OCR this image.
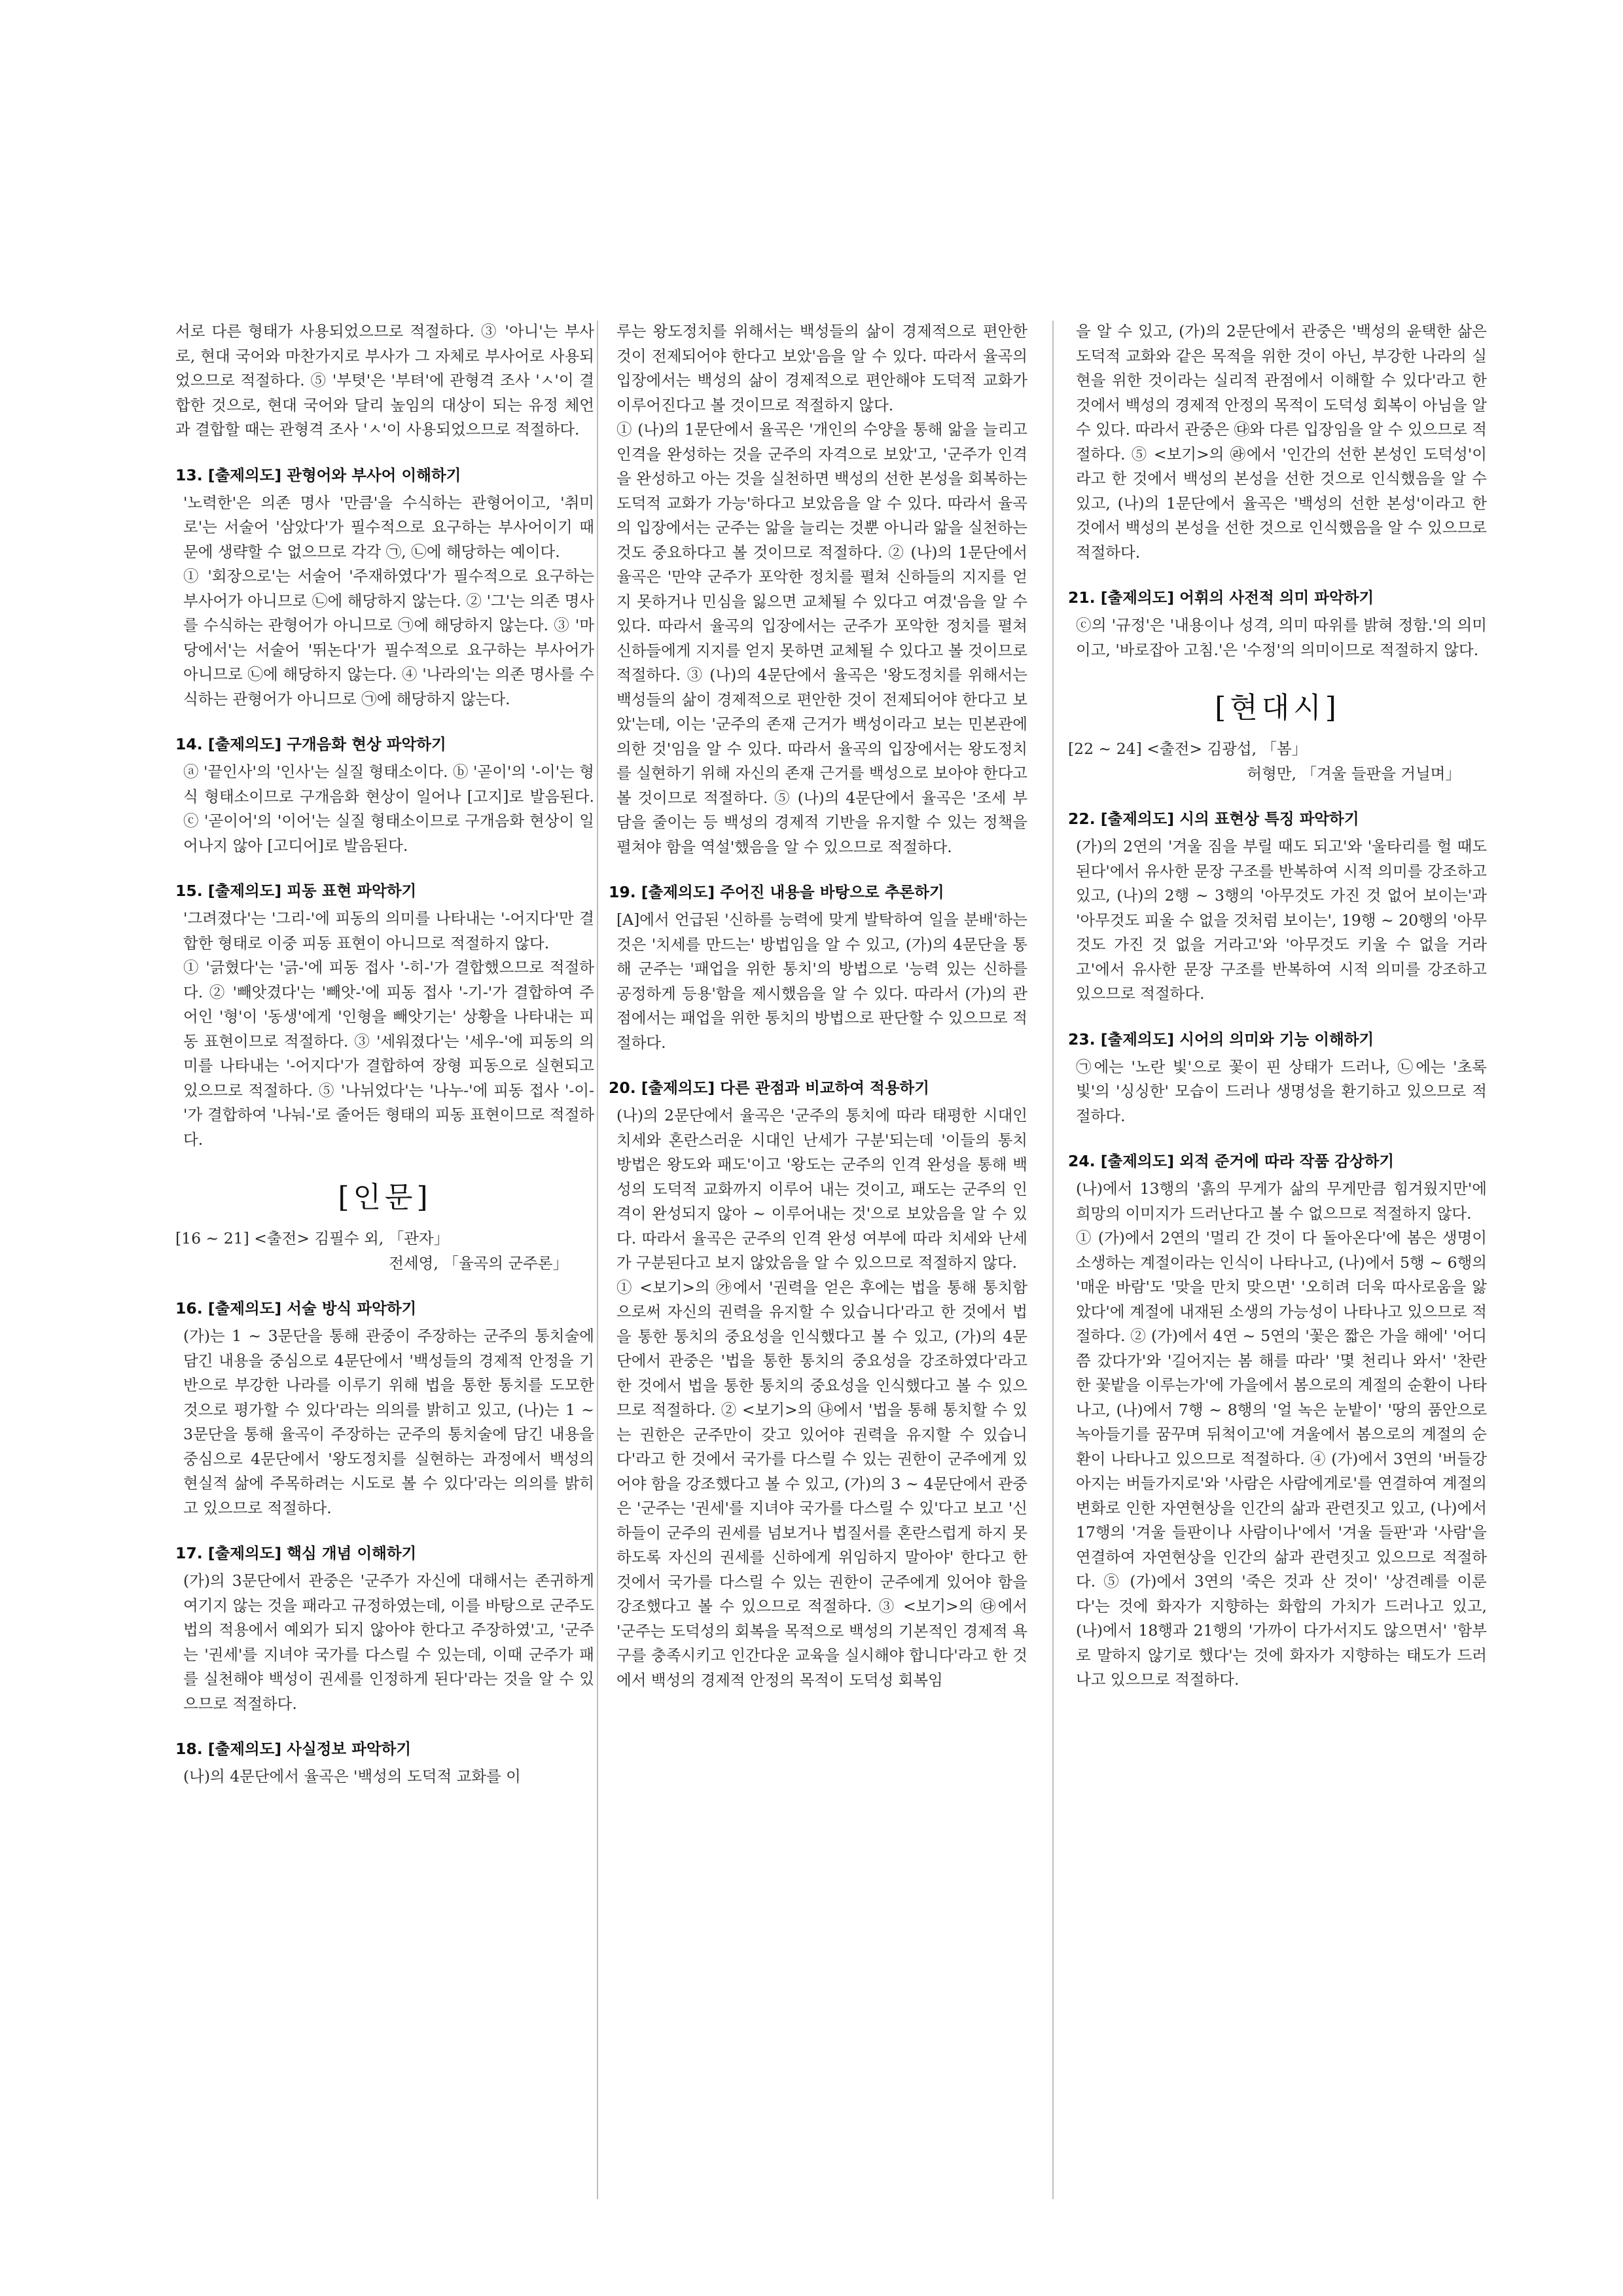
서로 다른 형태가 사용되었으므로 적절하다. ③ '아니'는 부사로, 현대 국어와 마찬가지로 부사가 그 자체로 부사어로 사용되었으므로 적절하다. ⑤ '부텻'은 '부텨'에 관형격 조사 'ㅅ'이 결합한 것으로, 현대 국어와 달리 높임의 대상이 되는 유정 체언과 결합할 때는 관형격 조사 'ㅅ'이 사용되었으므로 적절하다.

13. [출제의도] 관형어와 부사어 이해하기

'노력한'은 의존 명사 '만큼'을 수식하는 관형어이고, '취미로'는 서술어 '삼았다'가 필수적으로 요구하는 부사어이기 때문에 생략할 수 없으므로 각각 ㉠, ㉡에 해당하는 예이다.

① '회장으로'는 서술어 '주재하였다'가 필수적으로 요구하는 부사어가 아니므로 ㉡에 해당하지 않는다. ② '그'는 의존 명사를 수식하는 관형어가 아니므로 ㉠에 해당하지 않는다. ③ '마당에서'는 서술어 '뛰논다'가 필수적으로 요구하는 부사어가 아니므로 ㉡에 해당하지 않는다. ④ '나라의'는 의존 명사를 수식하는 관형어가 아니므로 ㉠에 해당하지 않는다.

14. [출제의도] 구개음화 현상 파악하기

ⓐ '끝인사'의 '인사'는 실질 형태소이다. ⓑ '곧이'의 '-이'는 형식 형태소이므로 구개음화 현상이 일어나 [고지]로 발음된다. ⓒ '곧이어'의 '이어'는 실질 형태소이므로 구개음화 현상이 일어나지 않아 [고디어]로 발음된다.

15. [출제의도] 피동 표현 파악하기

'그려졌다'는 '그리-'에 피동의 의미를 나타내는 '-어지다'만 결합한 형태로 이중 피동 표현이 아니므로 적절하지 않다.

① '긁혔다'는 '긁-'에 피동 접사 '-히-'가 결합했으므로 적절하다. ② '빼앗겼다'는 '빼앗-'에 피동 접사 '-기-'가 결합하여 주어인 '형'이 '동생'에게 '인형을 빼앗기는' 상황을 나타내는 피동 표현이므로 적절하다. ③ '세워졌다'는 '세우-'에 피동의 의미를 나타내는 '-어지다'가 결합하여 장형 피동으로 실현되고 있으므로 적절하다. ⑤ '나뉘었다'는 '나누-'에 피동 접사 '-이-'가 결합하여 '나눠-'로 줄어든 형태의 피동 표현이므로 적절하다.

[인문]

[16 ~ 21] <출전> 김필수 외, 「관자」

전세영, 「율곡의 군주론」

16. [출제의도] 서술 방식 파악하기

(가)는 1 ~ 3문단을 통해 관중이 주장하는 군주의 통치술에 담긴 내용을 중심으로 4문단에서 '백성들의 경제적 안정을 기반으로 부강한 나라를 이루기 위해 법을 통한 통치를 도모한 것으로 평가할 수 있다'라는 의의를 밝히고 있고, (나)는 1 ~ 3문단을 통해 율곡이 주장하는 군주의 통치술에 담긴 내용을 중심으로 4문단에서 '왕도정치를 실현하는 과정에서 백성의 현실적 삶에 주목하려는 시도로 볼 수 있다'라는 의의를 밝히고 있으므로 적절하다.

17. [출제의도] 핵심 개념 이해하기

(가)의 3문단에서 관중은 '군주가 자신에 대해서는 존귀하게 여기지 않는 것을 패라고 규정하였는데, 이를 바탕으로 군주도 법의 적용에서 예외가 되지 않아야 한다고 주장하였'고, '군주는 '권세'를 지녀야 국가를 다스릴 수 있는데, 이때 군주가 패를 실천해야 백성이 권세를 인정하게 된다'라는 것을 알 수 있으므로 적절하다.

18. [출제의도] 사실정보 파악하기

(나)의 4문단에서 율곡은 '백성의 도덕적 교화를 이

루는 왕도정치를 위해서는 백성들의 삶이 경제적으로 편안한 것이 전제되어야 한다고 보았'음을 알 수 있다. 따라서 율곡의 입장에서는 백성의 삶이 경제적으로 편안해야 도덕적 교화가 이루어진다고 볼 것이므로 적절하지 않다.

① (나)의 1문단에서 율곡은 '개인의 수양을 통해 앎을 늘리고 인격을 완성하는 것을 군주의 자격으로 보았'고, '군주가 인격을 완성하고 아는 것을 실천하면 백성의 선한 본성을 회복하는 도덕적 교화가 가능'하다고 보았음을 알 수 있다. 따라서 율곡의 입장에서는 군주는 앎을 늘리는 것뿐 아니라 앎을 실천하는 것도 중요하다고 볼 것이므로 적절하다. ② (나)의 1문단에서 율곡은 '만약 군주가 포악한 정치를 펼쳐 신하들의 지지를 얻지 못하거나 민심을 잃으면 교체될 수 있다고 여겼'음을 알 수 있다. 따라서 율곡의 입장에서는 군주가 포악한 정치를 펼쳐 신하들에게 지지를 얻지 못하면 교체될 수 있다고 볼 것이므로 적절하다. ③ (나)의 4문단에서 율곡은 '왕도정치를 위해서는 백성들의 삶이 경제적으로 편안한 것이 전제되어야 한다고 보았'는데, 이는 '군주의 존재 근거가 백성이라고 보는 민본관에 의한 것'임을 알 수 있다. 따라서 율곡의 입장에서는 왕도정치를 실현하기 위해 자신의 존재 근거를 백성으로 보아야 한다고 볼 것이므로 적절하다. ⑤ (나)의 4문단에서 율곡은 '조세 부담을 줄이는 등 백성의 경제적 기반을 유지할 수 있는 정책을 펼쳐야 함을 역설'했음을 알 수 있으므로 적절하다.

19. [출제의도] 주어진 내용을 바탕으로 추론하기

[A]에서 언급된 '신하를 능력에 맞게 발탁하여 일을 분배'하는 것은 '치세를 만드는' 방법임을 알 수 있고, (가)의 4문단을 통해 군주는 '패업을 위한 통치'의 방법으로 '능력 있는 신하를 공정하게 등용'함을 제시했음을 알 수 있다. 따라서 (가)의 관점에서는 패업을 위한 통치의 방법으로 판단할 수 있으므로 적절하다.

20. [출제의도] 다른 관점과 비교하여 적용하기

(나)의 2문단에서 율곡은 '군주의 통치에 따라 태평한 시대인 치세와 혼란스러운 시대인 난세가 구분'되는데 '이들의 통치 방법은 왕도와 패도'이고 '왕도는 군주의 인격 완성을 통해 백성의 도덕적 교화까지 이루어 내는 것이고, 패도는 군주의 인격이 완성되지 않아 ~ 이루어내는 것'으로 보았음을 알 수 있다. 따라서 율곡은 군주의 인격 완성 여부에 따라 치세와 난세가 구분된다고 보지 않았음을 알 수 있으므로 적절하지 않다.

① <보기>의 ㉮에서 '권력을 얻은 후에는 법을 통해 통치함으로써 자신의 권력을 유지할 수 있습니다'라고 한 것에서 법을 통한 통치의 중요성을 인식했다고 볼 수 있고, (가)의 4문단에서 관중은 '법을 통한 통치의 중요성을 강조하였다'라고 한 것에서 법을 통한 통치의 중요성을 인식했다고 볼 수 있으므로 적절하다. ② <보기>의 ㉯에서 '법을 통해 통치할 수 있는 권한은 군주만이 갖고 있어야 권력을 유지할 수 있습니다'라고 한 것에서 국가를 다스릴 수 있는 권한이 군주에게 있어야 함을 강조했다고 볼 수 있고, (가)의 3 ~ 4문단에서 관중은 '군주는 '권세'를 지녀야 국가를 다스릴 수 있'다고 보고 '신하들이 군주의 권세를 넘보거나 법질서를 혼란스럽게 하지 못하도록 자신의 권세를 신하에게 위임하지 말아야' 한다고 한 것에서 국가를 다스릴 수 있는 권한이 군주에게 있어야 함을 강조했다고 볼 수 있으므로 적절하다. ③ <보기>의 ㉰에서 '군주는 도덕성의 회복을 목적으로 백성의 기본적인 경제적 욕구를 충족시키고 인간다운 교육을 실시해야 합니다'라고 한 것에서 백성의 경제적 안정의 목적이 도덕성 회복임

을 알 수 있고, (가)의 2문단에서 관중은 '백성의 윤택한 삶은 도덕적 교화와 같은 목적을 위한 것이 아닌, 부강한 나라의 실현을 위한 것이라는 실리적 관점에서 이해할 수 있다'라고 한 것에서 백성의 경제적 안정의 목적이 도덕성 회복이 아님을 알 수 있다. 따라서 관중은 ㉰와 다른 입장임을 알 수 있으므로 적절하다. ⑤ <보기>의 ㉱에서 '인간의 선한 본성인 도덕성'이라고 한 것에서 백성의 본성을 선한 것으로 인식했음을 알 수 있고, (나)의 1문단에서 율곡은 '백성의 선한 본성'이라고 한 것에서 백성의 본성을 선한 것으로 인식했음을 알 수 있으므로 적절하다.

21. [출제의도] 어휘의 사전적 의미 파악하기

ⓒ의 '규정'은 '내용이나 성격, 의미 따위를 밝혀 정함.'의 의미이고, '바로잡아 고침.'은 '수정'의 의미이므로 적절하지 않다.

[현대시]

[22 ~ 24] <출전> 김광섭, 「봄」

허형만, 「겨울 들판을 거닐며」

22. [출제의도] 시의 표현상 특징 파악하기

(가)의 2연의 '겨울 짐을 부릴 때도 되고'와 '울타리를 헐 때도 된다'에서 유사한 문장 구조를 반복하여 시적 의미를 강조하고 있고, (나)의 2행 ~ 3행의 '아무것도 가진 것 없어 보이는'과 '아무것도 피울 수 없을 것처럼 보이는', 19행 ~ 20행의 '아무것도 가진 것 없을 거라고'와 '아무것도 키울 수 없을 거라고'에서 유사한 문장 구조를 반복하여 시적 의미를 강조하고 있으므로 적절하다.

23. [출제의도] 시어의 의미와 기능 이해하기

㉠에는 '노란 빛'으로 꽃이 핀 상태가 드러나, ㉡에는 '초록빛'의 '싱싱한' 모습이 드러나 생명성을 환기하고 있으므로 적절하다.

24. [출제의도] 외적 준거에 따라 작품 감상하기

(나)에서 13행의 '흙의 무게가 삶의 무게만큼 힘겨웠지만'에 희망의 이미지가 드러난다고 볼 수 없으므로 적절하지 않다.

① (가)에서 2연의 '멀리 간 것이 다 돌아온다'에 봄은 생명이 소생하는 계절이라는 인식이 나타나고, (나)에서 5행 ~ 6행의 '매운 바람'도 '맞을 만치 맞으면' '오히려 더욱 따사로움을 앓았다'에 계절에 내재된 소생의 가능성이 나타나고 있으므로 적절하다. ② (가)에서 4연 ~ 5연의 '꽃은 짧은 가을 해에' '어디쯤 갔다가'와 '길어지는 봄 해를 따라' '몇 천리나 와서' '찬란한 꽃밭을 이루는가'에 가을에서 봄으로의 계절의 순환이 나타나고, (나)에서 7행 ~ 8행의 '얼 녹은 눈밭이' '땅의 품안으로 녹아들기를 꿈꾸며 뒤척이고'에 겨울에서 봄으로의 계절의 순환이 나타나고 있으므로 적절하다. ④ (가)에서 3연의 '버들강아지는 버들가지로'와 '사람은 사람에게로'를 연결하여 계절의 변화로 인한 자연현상을 인간의 삶과 관련짓고 있고, (나)에서 17행의 '겨울 들판이나 사람이나'에서 '겨울 들판'과 '사람'을 연결하여 자연현상을 인간의 삶과 관련짓고 있으므로 적절하다. ⑤ (가)에서 3연의 '죽은 것과 산 것이' '상견례를 이룬다'는 것에 화자가 지향하는 화합의 가치가 드러나고 있고, (나)에서 18행과 21행의 '가까이 다가서지도 않으면서' '함부로 말하지 않기로 했다'는 것에 화자가 지향하는 태도가 드러나고 있으므로 적절하다.
